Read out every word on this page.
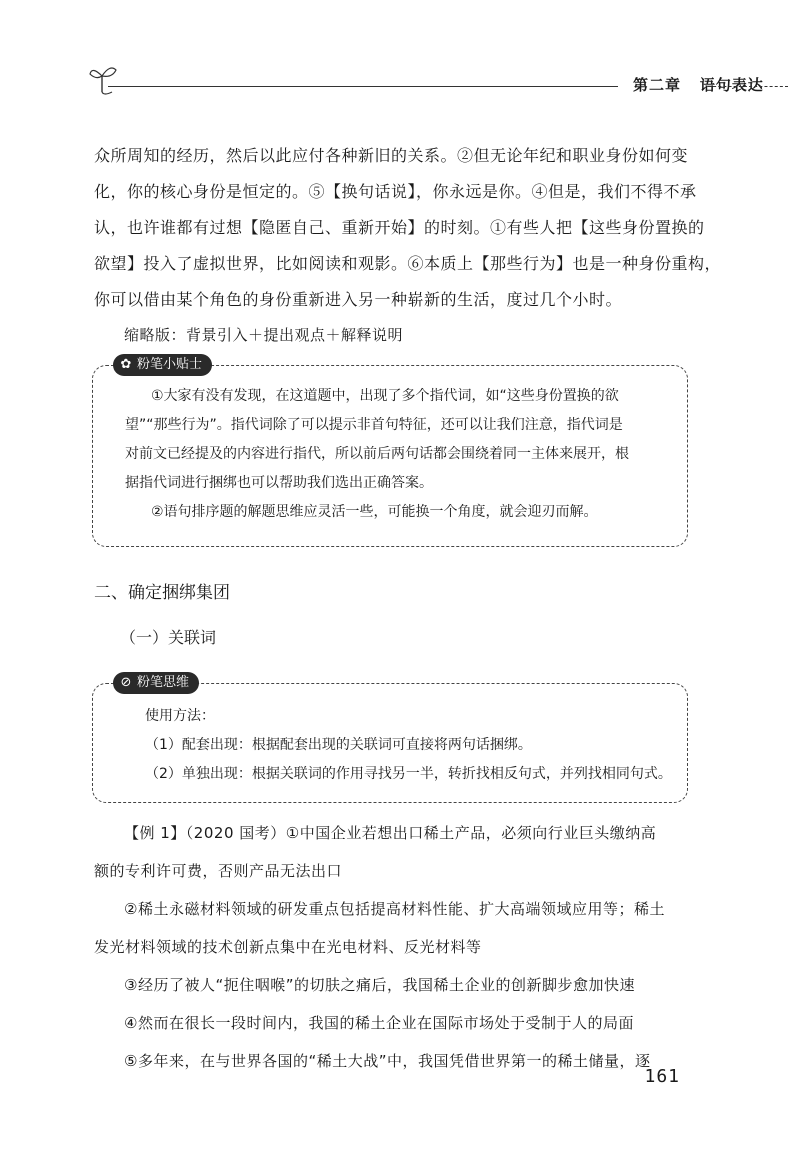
第二章 语句表达
众所周知的经历，然后以此应付各种新旧的关系。②但无论年纪和职业身份如何变
化，你的核心身份是恒定的。⑤【换句话说】，你永远是你。④但是，我们不得不承
认，也许谁都有过想【隐匿自己、重新开始】的时刻。①有些人把【这些身份置换的
欲望】投入了虚拟世界，比如阅读和观影。⑥本质上【那些行为】也是一种身份重构，
你可以借由某个角色的身份重新进入另一种崭新的生活，度过几个小时。
缩略版：背景引入＋提出观点＋解释说明
✿ 粉笔小贴士
①大家有没有发现，在这道题中，出现了多个指代词，如“这些身份置换的欲
望”“那些行为”。指代词除了可以提示非首句特征，还可以让我们注意，指代词是
对前文已经提及的内容进行指代，所以前后两句话都会围绕着同一主体来展开，根
据指代词进行捆绑也可以帮助我们选出正确答案。
②语句排序题的解题思维应灵活一些，可能换一个角度，就会迎刃而解。
二、确定捆绑集团
（一）关联词
⊘ 粉笔思维
使用方法：
（1）配套出现：根据配套出现的关联词可直接将两句话捆绑。
（2）单独出现：根据关联词的作用寻找另一半，转折找相反句式，并列找相同句式。
【例 1】（2020 国考）①中国企业若想出口稀土产品，必须向行业巨头缴纳高
额的专利许可费，否则产品无法出口
②稀土永磁材料领域的研发重点包括提高材料性能、扩大高端领域应用等；稀土
发光材料领域的技术创新点集中在光电材料、反光材料等
③经历了被人“扼住咽喉”的切肤之痛后，我国稀土企业的创新脚步愈加快速
④然而在很长一段时间内，我国的稀土企业在国际市场处于受制于人的局面
⑤多年来，在与世界各国的“稀土大战”中，我国凭借世界第一的稀土储量，逐
161
